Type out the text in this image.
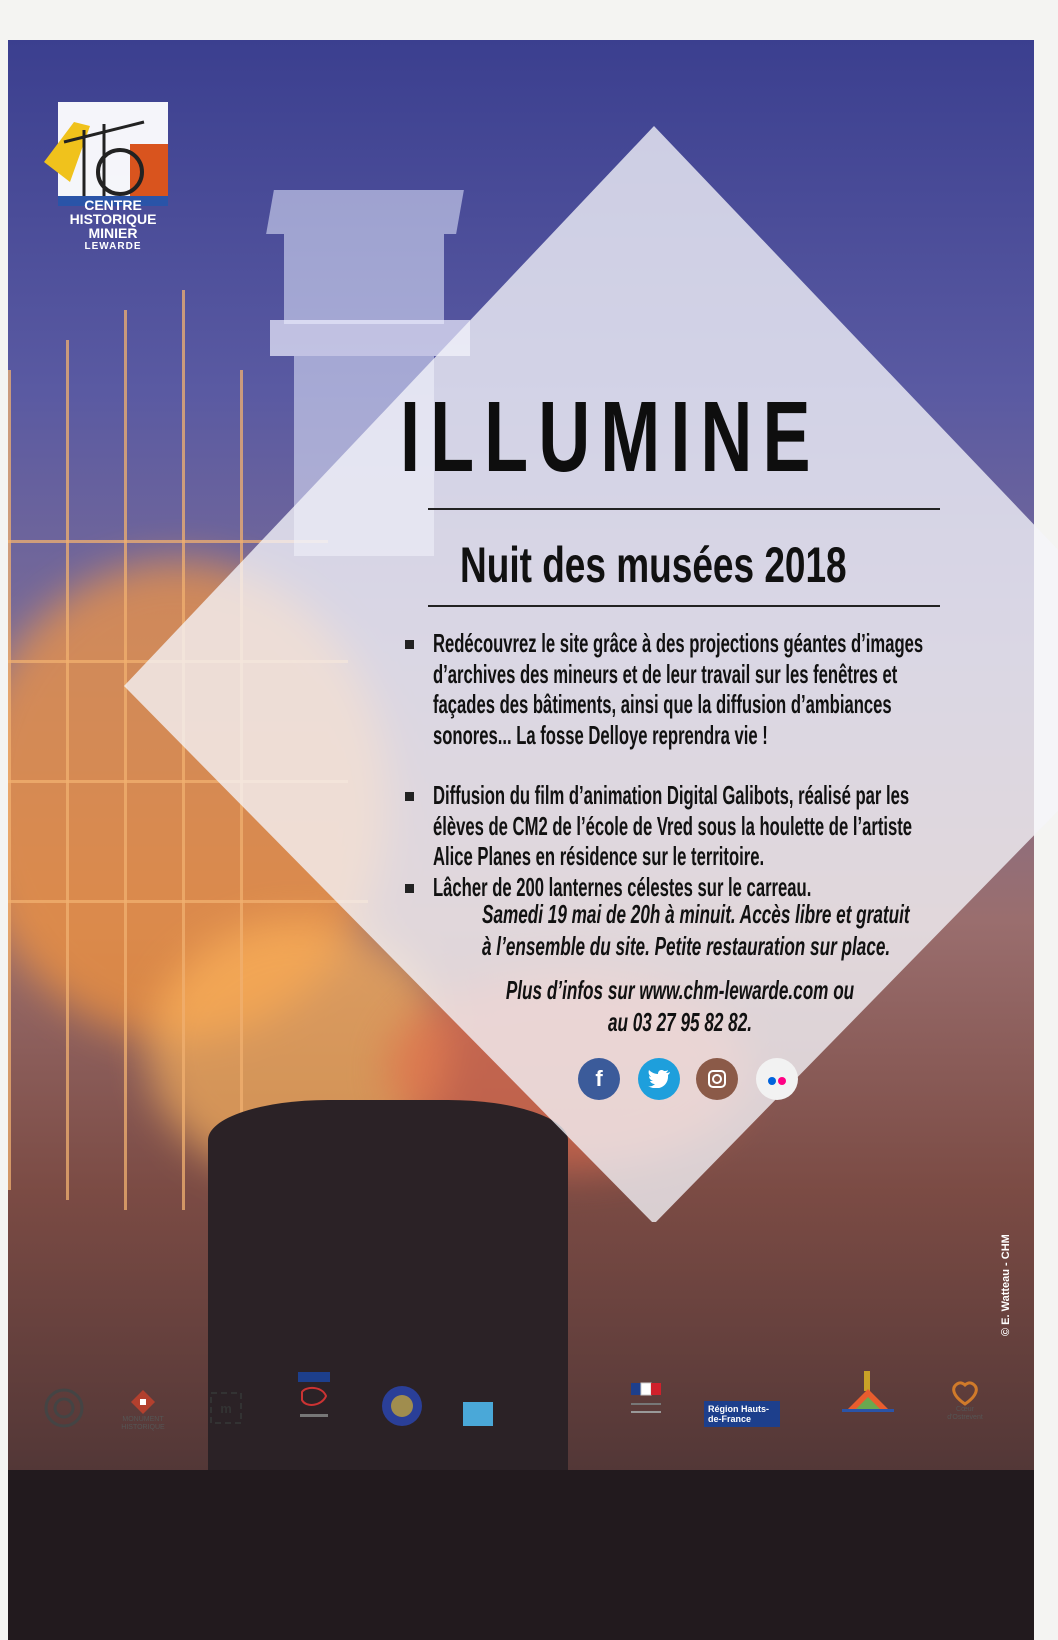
CENTRE
HISTORIQUE
MINIER
LEWARDE
ILLUMINE
Nuit des musées 2018
Redécouvrez le site grâce à des projections géantes d’images d’archives des mineurs et de leur travail sur les fenêtres et façades des bâtiments, ainsi que la diffusion d’ambiances sonores... La fosse Delloye reprendra vie !
Diffusion du film d’animation Digital Galibots, réalisé par les élèves de CM2 de l’école de Vred sous la houlette de l’artiste Alice Planes en résidence sur le territoire.
Lâcher de 200 lanternes célestes sur le carreau.
Samedi 19 mai de 20h à minuit. Accès libre et gratuit
à l’ensemble du site. Petite restauration sur place.
Plus d’infos sur www.chm-lewarde.com ou
au 03 27 95 82 82.
f
© E. Watteau - CHM
MONUMENT HISTORIQUE
m	Région Hauts-de-France
Cœur d'Ostrevent
